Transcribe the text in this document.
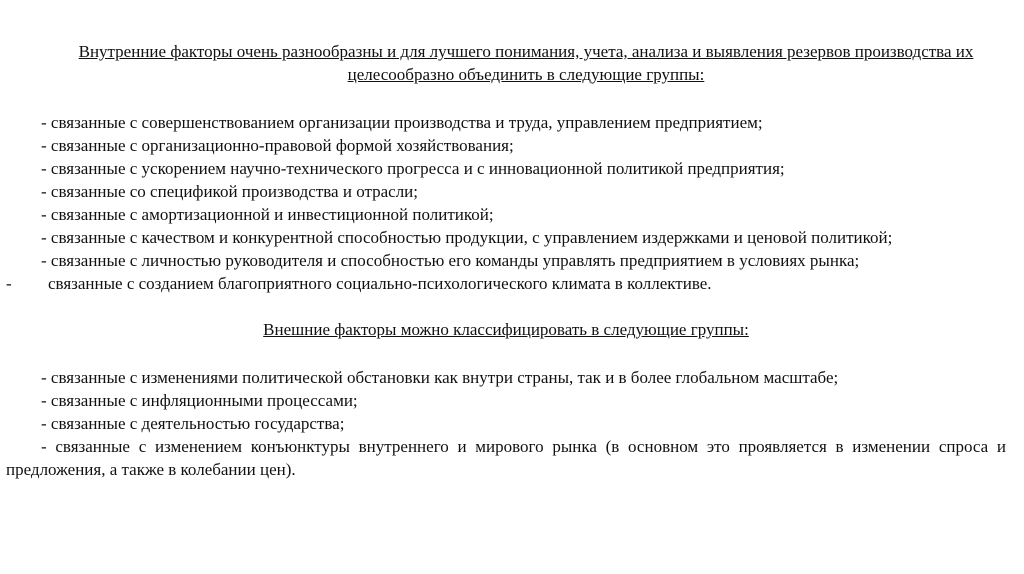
Внутренние факторы очень разнообразны и для лучшего понимания, учета, анализа и выявления резервов производства их целесообразно объединить в следующие группы:

- связанные с совершенствованием организации производства и труда, управлением предприятием;
- связанные с организационно-правовой формой хозяйствования;
- связанные с ускорением научно-технического прогресса и с инновационной политикой предприятия;
- связанные со спецификой производства и отрасли;
- связанные с амортизационной и инвестиционной политикой;
- связанные с качеством и конкурентной способностью продукции, с управлением издержками и ценовой политикой;
- связанные с личностью руководителя и способностью его команды управлять предприятием в условиях рынка;
- связанные с созданием благоприятного социально-психологического климата в коллективе.

Внешние факторы можно классифицировать в следующие группы:

- связанные с изменениями политической обстановки как внутри страны, так и в более глобальном масштабе;
- связанные с инфляционными процессами;
- связанные с деятельностью государства;
- связанные с изменением конъюнктуры внутреннего и мирового рынка (в основном это проявляется в изменении спроса и предложения, а также в колебании цен).
